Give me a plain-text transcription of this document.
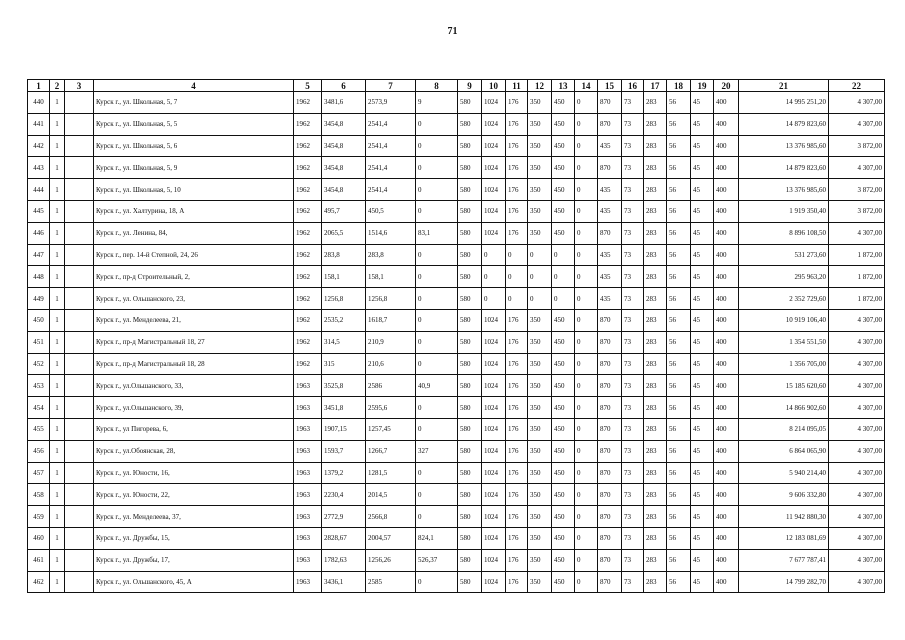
71
1	2	3	4	5	6	7	8	9	10	11	12	13	14	15	16	17	18	19	20	21	22
440	1		Курск г., ул. Школьная, 5, 7	1962	3481,6	2573,9	9	580	1024	176	350	450	0	870	73	283	56	45	400	14 995 251,20	4 307,00
441	1		Курск г., ул. Школьная, 5, 5	1962	3454,8	2541,4	0	580	1024	176	350	450	0	870	73	283	56	45	400	14 879 823,60	4 307,00
442	1		Курск г., ул. Школьная, 5, 6	1962	3454,8	2541,4	0	580	1024	176	350	450	0	435	73	283	56	45	400	13 376 985,60	3 872,00
443	1		Курск г., ул. Школьная, 5, 9	1962	3454,8	2541,4	0	580	1024	176	350	450	0	870	73	283	56	45	400	14 879 823,60	4 307,00
444	1		Курск г., ул. Школьная, 5, 10	1962	3454,8	2541,4	0	580	1024	176	350	450	0	435	73	283	56	45	400	13 376 985,60	3 872,00
445	1		Курск г., ул. Халтурина, 18, А	1962	495,7	450,5	0	580	1024	176	350	450	0	435	73	283	56	45	400	1 919 350,40	3 872,00
446	1		Курск г., ул. Ленина, 84,	1962	2065,5	1514,6	83,1	580	1024	176	350	450	0	870	73	283	56	45	400	8 896 108,50	4 307,00
447	1		Курск г., пер. 14-й Степной, 24, 26	1962	283,8	283,8	0	580	0	0	0	0	0	435	73	283	56	45	400	531 273,60	1 872,00
448	1		Курск г., пр-д Строительный, 2,	1962	158,1	158,1	0	580	0	0	0	0	0	435	73	283	56	45	400	295 963,20	1 872,00
449	1		Курск г., ул. Ольшанского, 23,	1962	1256,8	1256,8	0	580	0	0	0	0	0	435	73	283	56	45	400	2 352 729,60	1 872,00
450	1		Курск г., ул. Менделеева, 21,	1962	2535,2	1618,7	0	580	1024	176	350	450	0	870	73	283	56	45	400	10 919 106,40	4 307,00
451	1		Курск г., пр-д Магистральный 18, 27	1962	314,5	210,9	0	580	1024	176	350	450	0	870	73	283	56	45	400	1 354 551,50	4 307,00
452	1		Курск г., пр-д Магистральный 18, 28	1962	315	210,6	0	580	1024	176	350	450	0	870	73	283	56	45	400	1 356 705,00	4 307,00
453	1		Курск г., ул.Ольшанского, 33,	1963	3525,8	2586	40,9	580	1024	176	350	450	0	870	73	283	56	45	400	15 185 620,60	4 307,00
454	1		Курск г., ул.Ольшанского, 39,	1963	3451,8	2595,6	0	580	1024	176	350	450	0	870	73	283	56	45	400	14 866 902,60	4 307,00
455	1		Курск г., ул Пигорева, 6,	1963	1907,15	1257,45	0	580	1024	176	350	450	0	870	73	283	56	45	400	8 214 095,05	4 307,00
456	1		Курск г., ул.Обоянская, 28,	1963	1593,7	1266,7	327	580	1024	176	350	450	0	870	73	283	56	45	400	6 864 065,90	4 307,00
457	1		Курск г., ул. Юности, 16,	1963	1379,2	1281,5	0	580	1024	176	350	450	0	870	73	283	56	45	400	5 940 214,40	4 307,00
458	1		Курск г., ул. Юности, 22,	1963	2230,4	2014,5	0	580	1024	176	350	450	0	870	73	283	56	45	400	9 606 332,80	4 307,00
459	1		Курск г., ул. Менделеева, 37,	1963	2772,9	2566,8	0	580	1024	176	350	450	0	870	73	283	56	45	400	11 942 880,30	4 307,00
460	1		Курск г., ул. Дружбы, 15,	1963	2828,67	2004,57	824,1	580	1024	176	350	450	0	870	73	283	56	45	400	12 183 081,69	4 307,00
461	1		Курск г., ул. Дружбы, 17,	1963	1782,63	1256,26	526,37	580	1024	176	350	450	0	870	73	283	56	45	400	7 677 787,41	4 307,00
462	1		Курск г., ул. Ольшанского, 45, А	1963	3436,1	2585	0	580	1024	176	350	450	0	870	73	283	56	45	400	14 799 282,70	4 307,00
